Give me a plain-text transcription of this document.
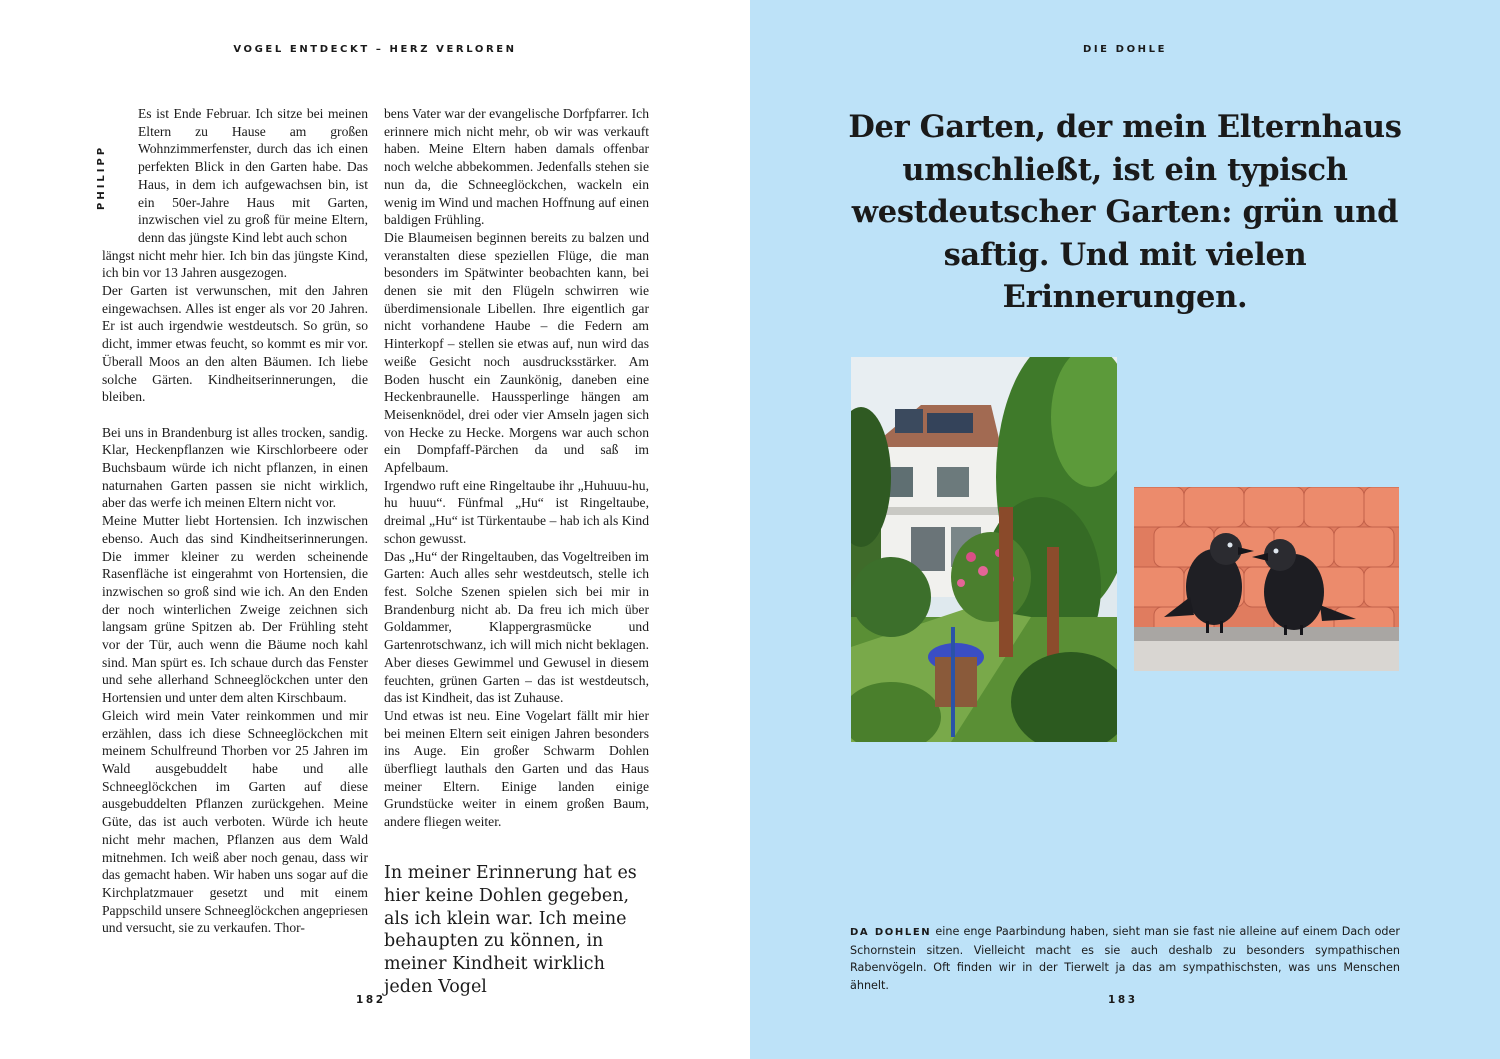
VOGEL ENTDECKT – HERZ VERLOREN
PHILIPP

Es ist Ende Februar. Ich sitze bei meinen Eltern zu Hause am großen Wohnzimmerfenster, durch das ich einen perfekten Blick in den Garten habe. Das Haus, in dem ich aufgewachsen bin, ist ein 50er-Jahre Haus mit Garten, inzwischen viel zu groß für meine Eltern, denn das jüngste Kind lebt auch schon

längst nicht mehr hier. Ich bin das jüngste Kind, ich bin vor 13 Jahren ausgezogen.

Der Garten ist verwunschen, mit den Jahren eingewachsen. Alles ist enger als vor 20 Jahren. Er ist auch irgendwie westdeutsch. So grün, so dicht, immer etwas feucht, so kommt es mir vor. Überall Moos an den alten Bäumen. Ich liebe solche Gärten. Kindheitserinnerungen, die bleiben.

Bei uns in Brandenburg ist alles trocken, sandig. Klar, Heckenpflanzen wie Kirschlorbeere oder Buchsbaum würde ich nicht pflanzen, in einen naturnahen Garten passen sie nicht wirklich, aber das werfe ich meinen Eltern nicht vor.

Meine Mutter liebt Hortensien. Ich inzwischen ebenso. Auch das sind Kindheitserinnerungen. Die immer kleiner zu werden scheinende Rasenfläche ist eingerahmt von Hortensien, die inzwischen so groß sind wie ich. An den Enden der noch winterlichen Zweige zeichnen sich langsam grüne Spitzen ab. Der Frühling steht vor der Tür, auch wenn die Bäume noch kahl sind. Man spürt es. Ich schaue durch das Fenster und sehe allerhand Schneeglöckchen unter den Hortensien und unter dem alten Kirschbaum.

Gleich wird mein Vater reinkommen und mir erzählen, dass ich diese Schneeglöckchen mit meinem Schulfreund Thorben vor 25 Jahren im Wald ausgebuddelt habe und alle Schneeglöckchen im Garten auf diese ausgebuddelten Pflanzen zurückgehen. Meine Güte, das ist auch verboten. Würde ich heute nicht mehr machen, Pflanzen aus dem Wald mitnehmen. Ich weiß aber noch genau, dass wir das gemacht haben. Wir haben uns sogar auf die Kirchplatzmauer gesetzt und mit einem Pappschild unsere Schneeglöckchen angepriesen und versucht, sie zu verkaufen. Thor-

bens Vater war der evangelische Dorfpfarrer. Ich erinnere mich nicht mehr, ob wir was verkauft haben. Meine Eltern haben damals offenbar noch welche abbekommen. Jedenfalls stehen sie nun da, die Schneeglöckchen, wackeln ein wenig im Wind und machen Hoffnung auf einen baldigen Frühling.

Die Blaumeisen beginnen bereits zu balzen und veranstalten diese speziellen Flüge, die man besonders im Spätwinter beobachten kann, bei denen sie mit den Flügeln schwirren wie überdimensionale Libellen. Ihre eigentlich gar nicht vorhandene Haube – die Federn am Hinterkopf – stellen sie etwas auf, nun wird das weiße Gesicht noch ausdrucksstärker. Am Boden huscht ein Zaunkönig, daneben eine Heckenbraunelle. Haussperlinge hängen am Meisenknödel, drei oder vier Amseln jagen sich von Hecke zu Hecke. Morgens war auch schon ein Dompfaff-Pärchen da und saß im Apfelbaum.

Irgendwo ruft eine Ringeltaube ihr „Huhuuu-hu, hu huuu“. Fünfmal „Hu“ ist Ringeltaube, dreimal „Hu“ ist Türkentaube – hab ich als Kind schon gewusst.

Das „Hu“ der Ringeltauben, das Vogeltreiben im Garten: Auch alles sehr westdeutsch, stelle ich fest. Solche Szenen spielen sich bei mir in Brandenburg nicht ab. Da freu ich mich über Goldammer, Klappergrasmücke und Gartenrotschwanz, ich will mich nicht beklagen. Aber dieses Gewimmel und Gewusel in diesem feuchten, grünen Garten – das ist westdeutsch, das ist Kindheit, das ist Zuhause.

Und etwas ist neu. Eine Vogelart fällt mir hier bei meinen Eltern seit einigen Jahren besonders ins Auge. Ein großer Schwarm Dohlen überfliegt lauthals den Garten und das Haus meiner Eltern. Einige landen einige Grundstücke weiter in einem großen Baum, andere fliegen weiter.

In meiner Erinnerung hat es hier keine Dohlen gegeben, als ich klein war. Ich meine behaupten zu können, in meiner Kindheit wirklich jeden Vogel
182
DIE DOHLE
Der Garten, der mein Elternhaus umschließt, ist ein typisch westdeutscher Garten: grün und saftig. Und mit vielen Erinnerungen.

DA DOHLEN eine enge Paarbindung haben, sieht man sie fast nie alleine auf einem Dach oder Schornstein sitzen. Vielleicht macht es sie auch deshalb zu besonders sympathischen Rabenvögeln. Oft finden wir in der Tierwelt ja das am sympathischsten, was uns Menschen ähnelt.

183
